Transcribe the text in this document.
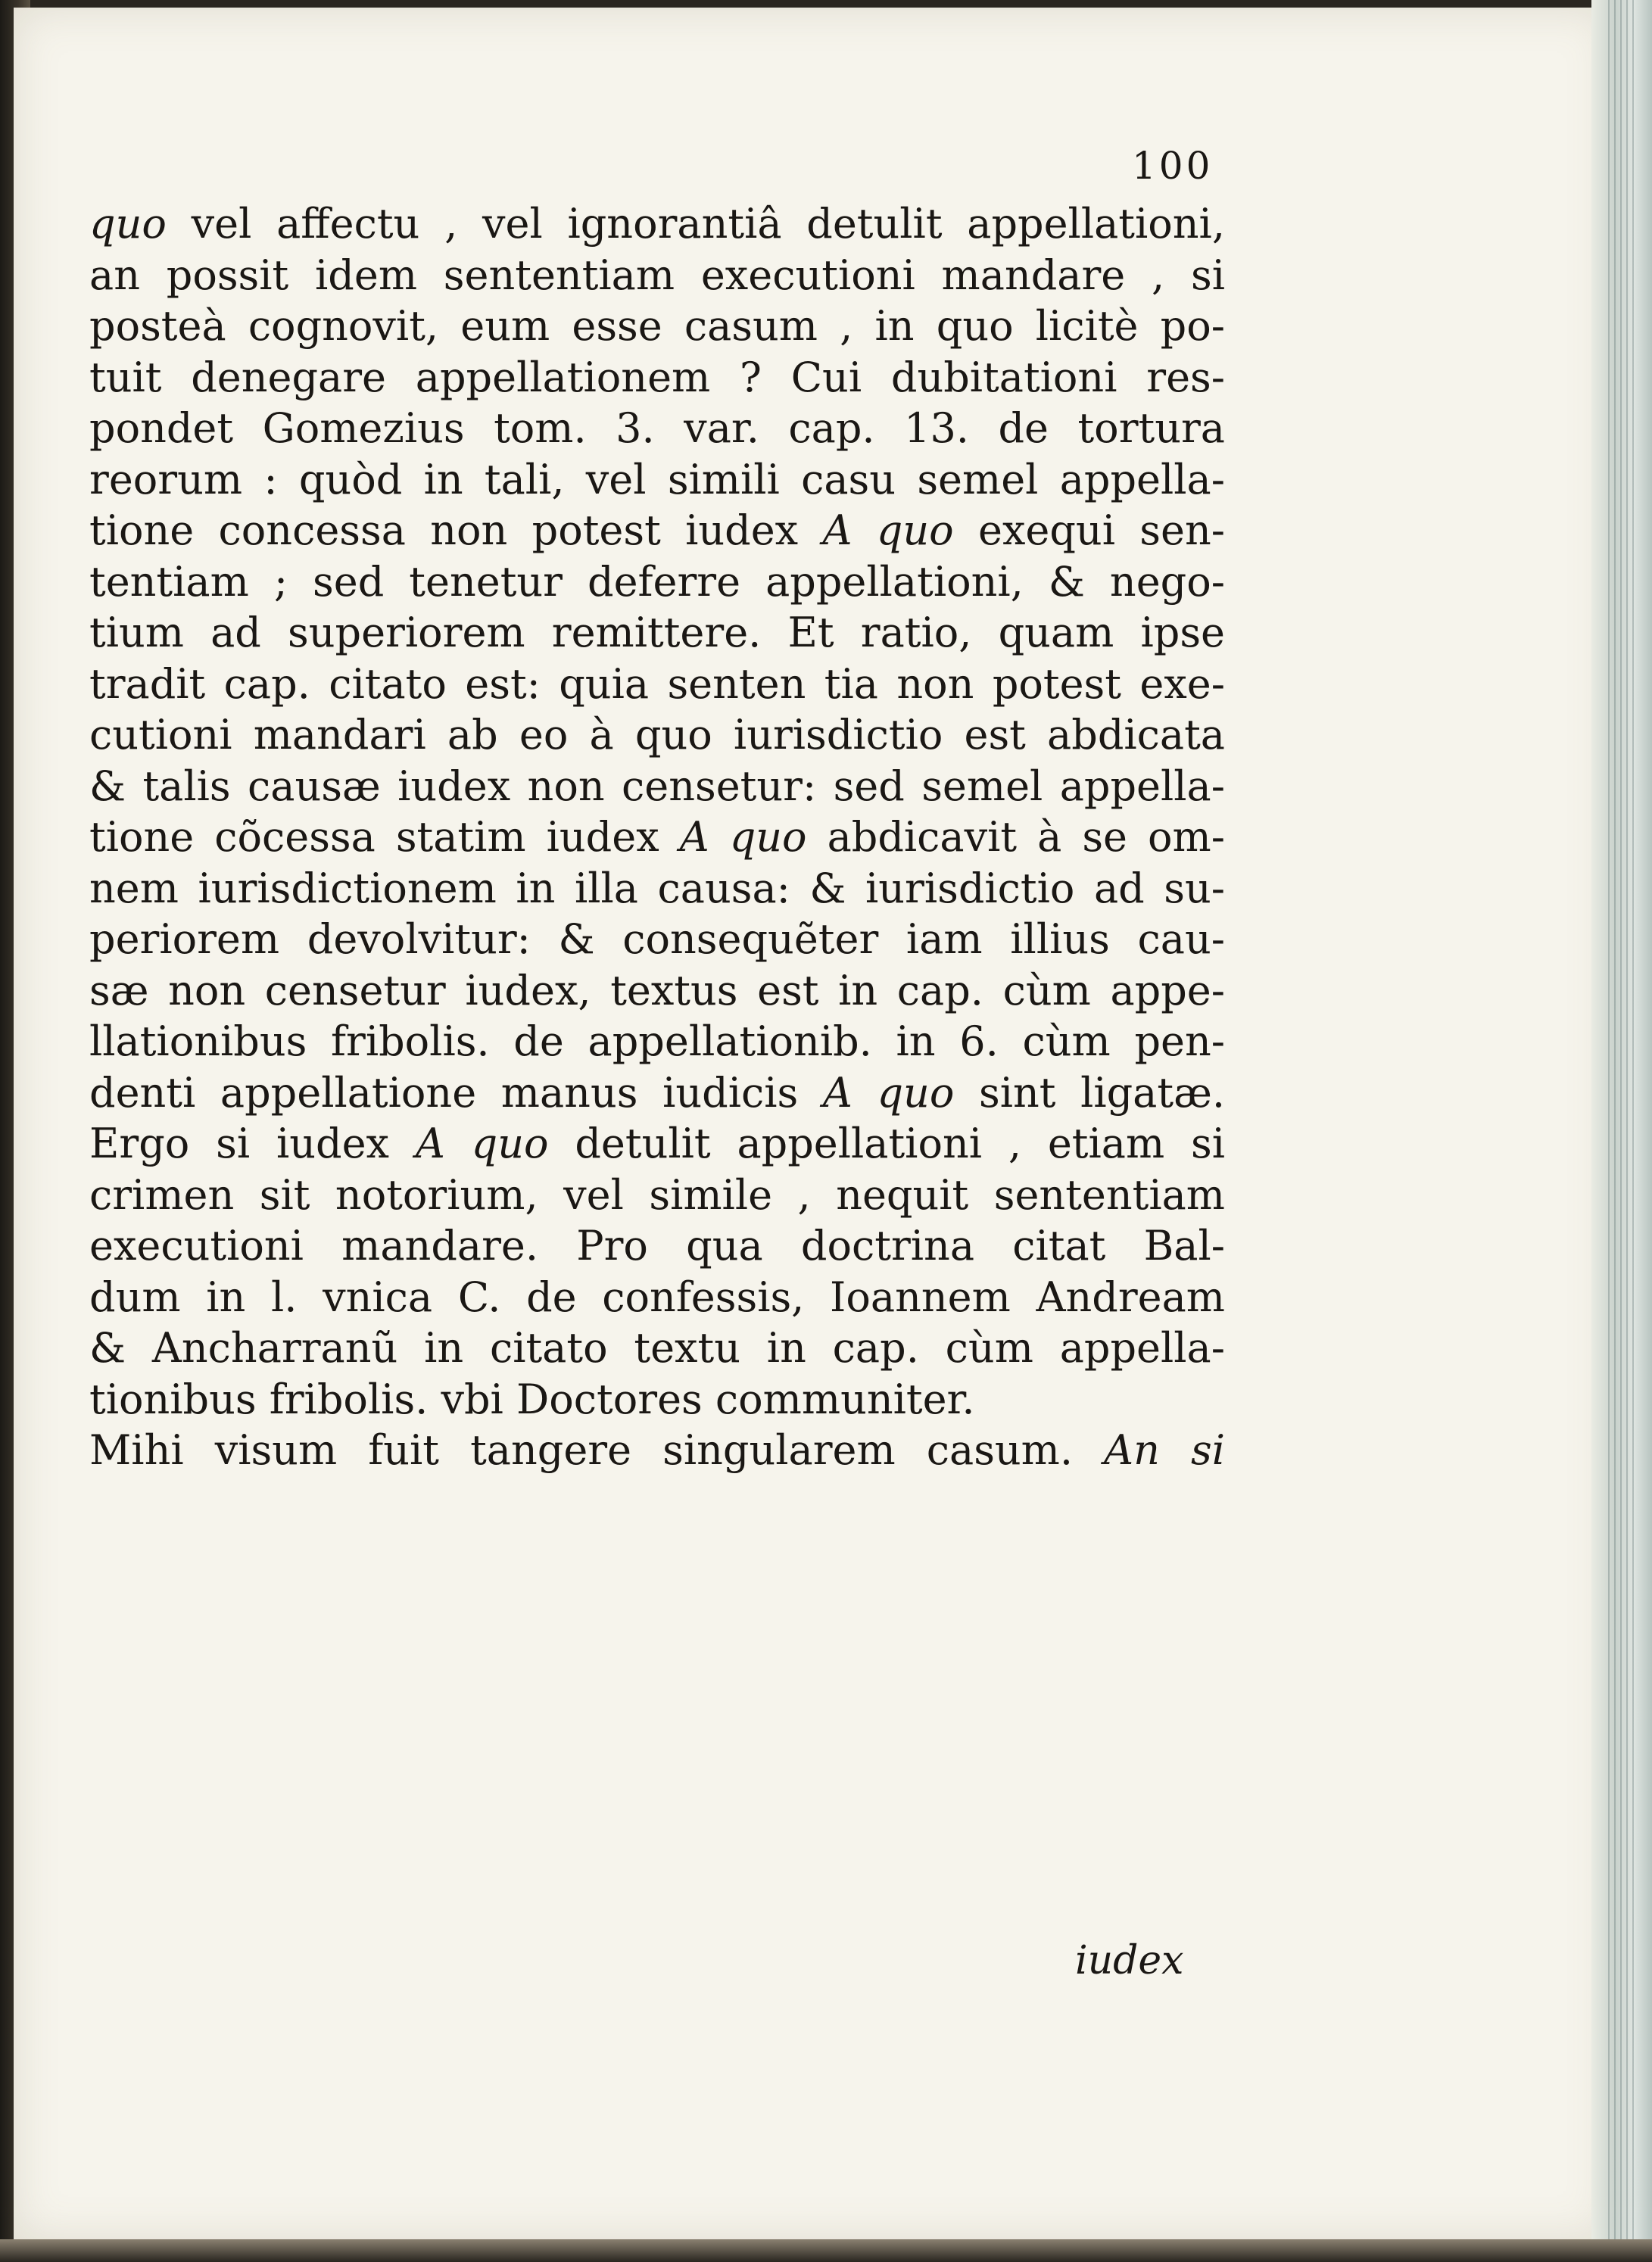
100
quo vel affectu , vel ignorantiâ detulit appellationi,
an possit idem sententiam executioni mandare , si
posteà cognovit, eum esse casum , in quo licitè po-
tuit denegare appellationem ? Cui dubitationi res-
pondet Gomezius tom. 3. var. cap. 13. de tortura
reorum : quòd in tali, vel simili casu semel appella-
tione concessa non potest iudex A quo exequi sen-
tentiam ; sed tenetur deferre appellationi, & nego-
tium ad superiorem remittere. Et ratio, quam ipse
tradit cap. citato est: quia senten tia non potest exe-
cutioni mandari ab eo à quo iurisdictio est abdicata
& talis causæ iudex non censetur: sed semel appella-
tione cõcessa statim iudex A quo abdicavit à se om-
nem iurisdictionem in illa causa: & iurisdictio ad su-
periorem devolvitur: & consequẽter iam illius cau-
sæ non censetur iudex, textus est in cap. cùm appe-
llationibus fribolis. de appellationib. in 6. cùm pen-
denti appellatione manus iudicis A quo sint ligatæ.
Ergo si iudex A quo detulit appellationi , etiam si
crimen sit notorium, vel simile , nequit sententiam
executioni mandare. Pro qua doctrina citat Bal-
dum in l. vnica C. de confessis, Ioannem Andream
& Ancharranũ in citato textu in cap. cùm appella-
tionibus fribolis. vbi Doctores communiter.
Mihi visum fuit tangere singularem casum. An si
iudex
